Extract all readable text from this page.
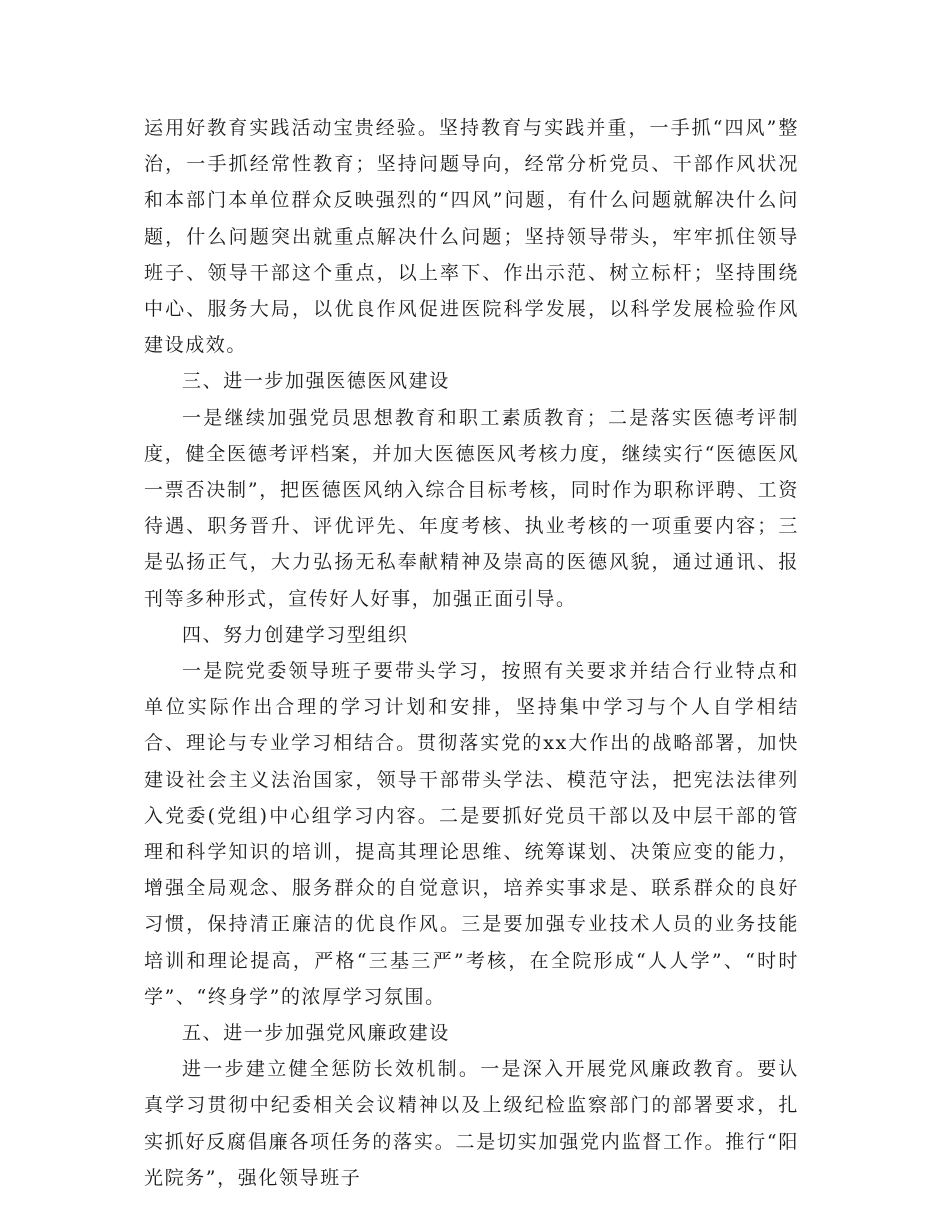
运用好教育实践活动宝贵经验。坚持教育与实践并重，一手抓“四风”整治，一手抓经常性教育；坚持问题导向，经常分析党员、干部作风状况和本部门本单位群众反映强烈的“四风”问题，有什么问题就解决什么问题，什么问题突出就重点解决什么问题；坚持领导带头，牢牢抓住领导班子、领导干部这个重点，以上率下、作出示范、树立标杆；坚持围绕中心、服务大局，以优良作风促进医院科学发展，以科学发展检验作风建设成效。

三、进一步加强医德医风建设

一是继续加强党员思想教育和职工素质教育；二是落实医德考评制度，健全医德考评档案，并加大医德医风考核力度，继续实行“医德医风一票否决制”，把医德医风纳入综合目标考核，同时作为职称评聘、工资待遇、职务晋升、评优评先、年度考核、执业考核的一项重要内容；三是弘扬正气，大力弘扬无私奉献精神及崇高的医德风貌，通过通讯、报刊等多种形式，宣传好人好事，加强正面引导。

四、努力创建学习型组织

一是院党委领导班子要带头学习，按照有关要求并结合行业特点和单位实际作出合理的学习计划和安排，坚持集中学习与个人自学相结合、理论与专业学习相结合。贯彻落实党的xx大作出的战略部署，加快建设社会主义法治国家，领导干部带头学法、模范守法，把宪法法律列入党委(党组)中心组学习内容。二是要抓好党员干部以及中层干部的管理和科学知识的培训，提高其理论思维、统筹谋划、决策应变的能力，增强全局观念、服务群众的自觉意识，培养实事求是、联系群众的良好习惯，保持清正廉洁的优良作风。三是要加强专业技术人员的业务技能培训和理论提高，严格“三基三严”考核，在全院形成“人人学”、“时时学”、“终身学”的浓厚学习氛围。

五、进一步加强党风廉政建设

进一步建立健全惩防长效机制。一是深入开展党风廉政教育。要认真学习贯彻中纪委相关会议精神以及上级纪检监察部门的部署要求，扎实抓好反腐倡廉各项任务的落实。二是切实加强党内监督工作。推行“阳光院务”，强化领导班子
